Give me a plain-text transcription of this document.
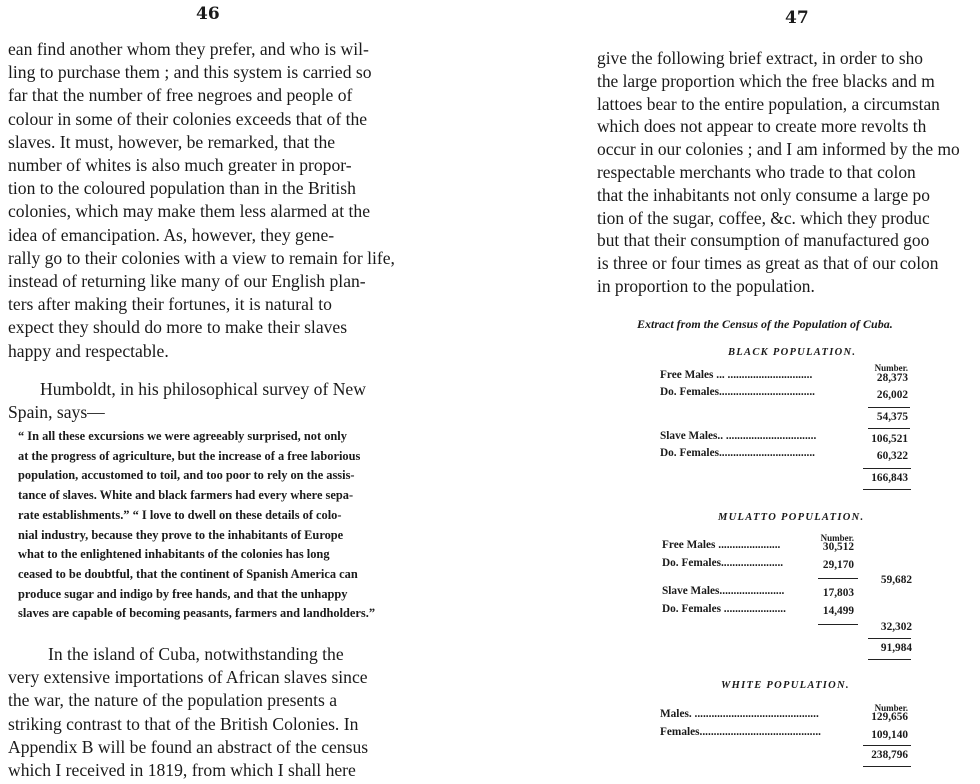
46

ean find another whom they prefer, and who is wil-

ling to purchase them ; and this system is carried so

far that the number of free negroes and people of

colour in some of their colonies exceeds that of the

slaves. It must, however, be remarked, that the

number of whites is also much greater in propor-

tion to the coloured population than in the British

colonies, which may make them less alarmed at the

idea of emancipation. As, however, they gene-

rally go to their colonies with a view to remain for life,

instead of returning like many of our English plan-

ters after making their fortunes, it is natural to

expect they should do more to make their slaves

happy and respectable.

Humboldt, in his philosophical survey of New

Spain, says—

“ In all these excursions we were agreeably surprised, not only
at the progress of agriculture, but the increase of a free laborious
population, accustomed to toil, and too poor to rely on the assis-
tance of slaves. White and black farmers had every where sepa-
rate establishments.” “ I love to dwell on these details of colo-
nial industry, because they prove to the inhabitants of Europe
what to the enlightened inhabitants of the colonies has long
ceased to be doubtful, that the continent of Spanish America can
produce sugar and indigo by free hands, and that the unhappy
slaves are capable of becoming peasants, farmers and landholders.”

In the island of Cuba, notwithstanding the

very extensive importations of African slaves since

the war, the nature of the population presents a

striking contrast to that of the British Colonies. In

Appendix B will be found an abstract of the census

which I received in 1819, from which I shall here

47
give the following brief extract, in order to sho
the large proportion which the free blacks and m
lattoes bear to the entire population, a circumstan
which does not appear to create more revolts th
occur in our colonies ; and I am informed by the mo
respectable merchants who trade to that colon
that the inhabitants not only consume a large po
tion of the sugar, coffee, &c. which they produc
but that their consumption of manufactured goo
is three or four times as great as that of our colon
in proportion to the population.
Extract from the Census of the Population of Cuba.
BLACK POPULATION.
Number.
Free Males ... ..............................	28,373
Do. Females..................................	26,002
54,375
Slave Males.. ................................	106,521
Do. Females..................................	60,322
166,843
MULATTO POPULATION.
Number.
Free Males ......................	30,512
Do. Females......................	29,170
59,682
Slave Males.......................	17,803
Do. Females ......................	14,499
32,302
91,984
WHITE POPULATION.
Number.
Males. ............................................	129,656
Females...........................................	109,140
238,796
